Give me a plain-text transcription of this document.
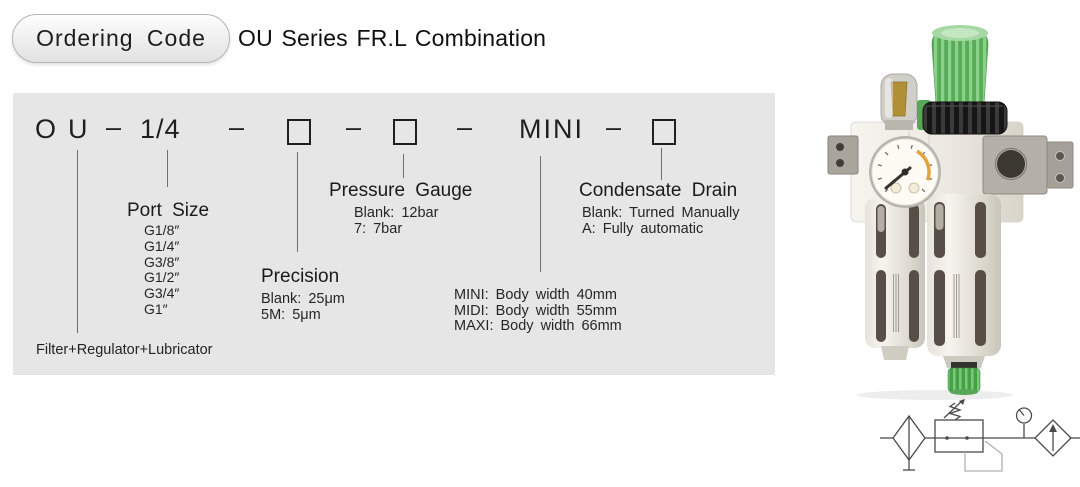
Ordering Code	OU Series FR.L Combination
OU – 1/4 –	–	– MINI –
Port Size
G1/8″
G1/4″
G3/8″
G1/2″
G3/4″
G1″
Precision
Blank: 25μm
5M: 5μm
Pressure Gauge
Blank: 12bar
7: 7bar
MINI: Body width 40mm
MIDI: Body width 55mm
MAXI: Body width 66mm
Condensate Drain
Blank: Turned Manually
A: Fully automatic
Filter+Regulator+Lubricator
